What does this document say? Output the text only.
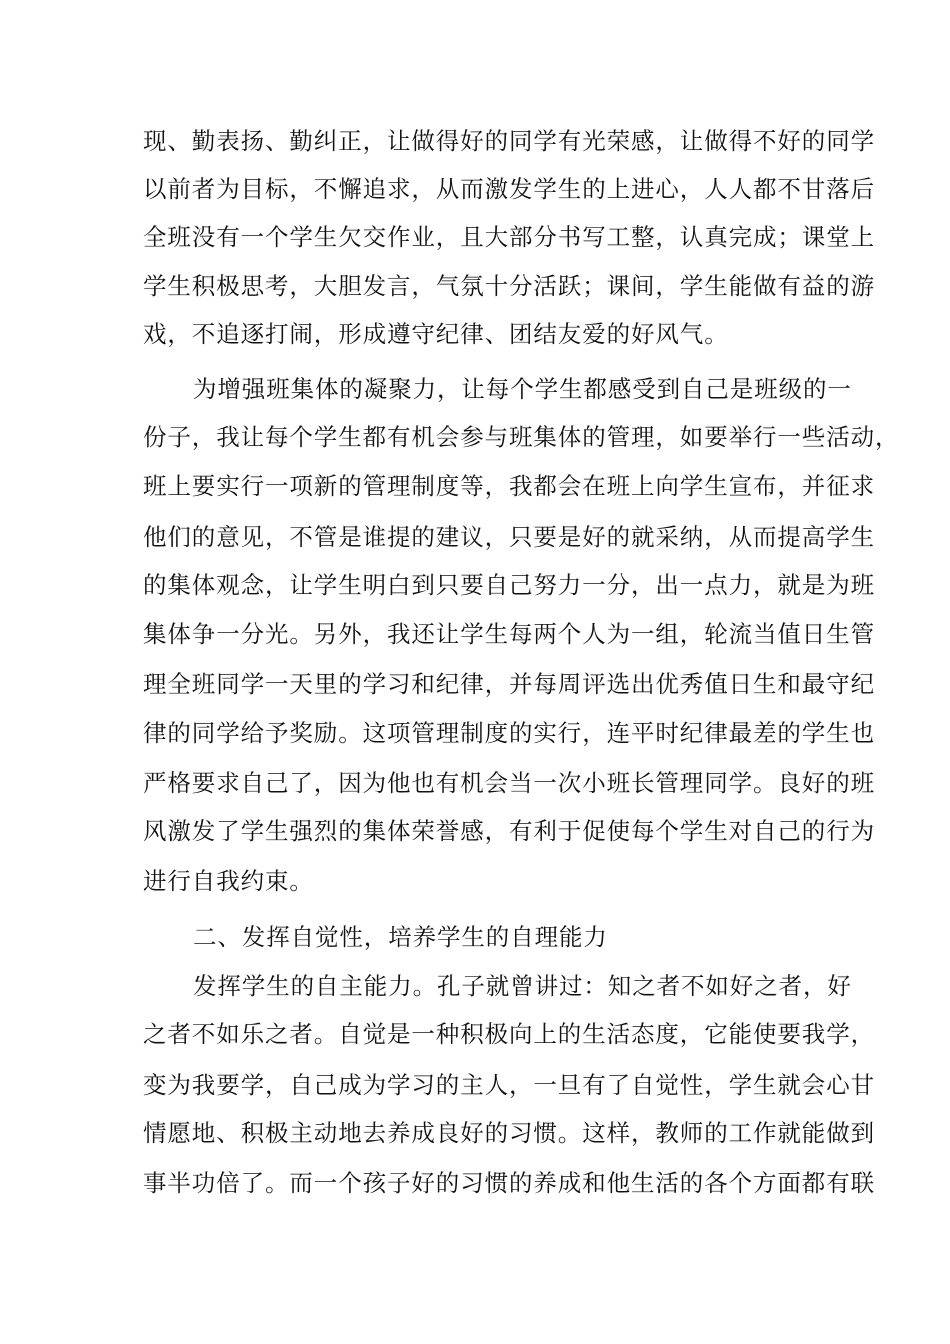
现、勤表扬、勤纠正，让做得好的同学有光荣感，让做得不好的同学
以前者为目标，不懈追求，从而激发学生的上进心，人人都不甘落后
全班没有一个学生欠交作业，且大部分书写工整，认真完成；课堂上
学生积极思考，大胆发言，气氛十分活跃；课间，学生能做有益的游
戏，不追逐打闹，形成遵守纪律、团结友爱的好风气。
为增强班集体的凝聚力，让每个学生都感受到自己是班级的一
份子，我让每个学生都有机会参与班集体的管理，如要举行一些活动，
班上要实行一项新的管理制度等，我都会在班上向学生宣布，并征求
他们的意见，不管是谁提的建议，只要是好的就采纳，从而提高学生
的集体观念，让学生明白到只要自己努力一分，出一点力，就是为班
集体争一分光。另外，我还让学生每两个人为一组，轮流当值日生管
理全班同学一天里的学习和纪律，并每周评选出优秀值日生和最守纪
律的同学给予奖励。这项管理制度的实行，连平时纪律最差的学生也
严格要求自己了，因为他也有机会当一次小班长管理同学。良好的班
风激发了学生强烈的集体荣誉感，有利于促使每个学生对自己的行为
进行自我约束。
二、发挥自觉性，培养学生的自理能力
发挥学生的自主能力。孔子就曾讲过：知之者不如好之者，好
之者不如乐之者。自觉是一种积极向上的生活态度，它能使要我学，
变为我要学，自己成为学习的主人，一旦有了自觉性，学生就会心甘
情愿地、积极主动地去养成良好的习惯。这样，教师的工作就能做到
事半功倍了。而一个孩子好的习惯的养成和他生活的各个方面都有联
